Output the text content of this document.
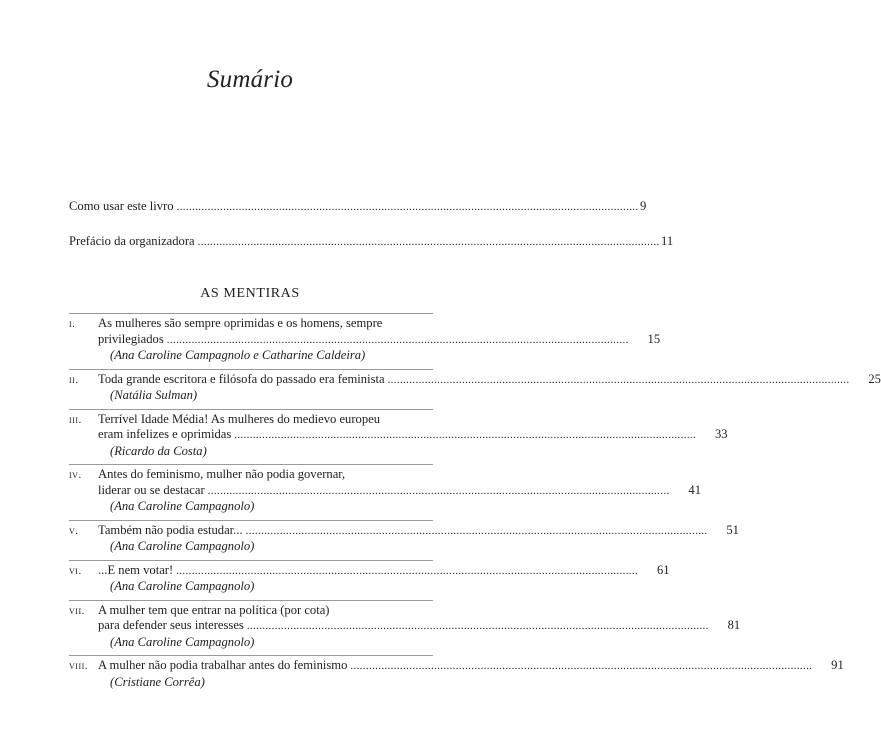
Sumário
Como usar este livro . . .	9
Prefácio da organizadora . . .	11
AS MENTIRAS
i.	As mulheres são sempre oprimidas e os homens, sempre
privilegiados . . .	15
(Ana Caroline Campagnolo e Catharine Caldeira)
ii.	Toda grande escritora e filósofa do passado era feminista . . .	25
(Natália Sulman)
iii.	Terrível Idade Média! As mulheres do medievo europeu
eram infelizes e oprimidas . . .	33
(Ricardo da Costa)
iv.	Antes do feminismo, mulher não podia governar,
liderar ou se destacar . . .	41
(Ana Caroline Campagnolo)
v.	Também não podia estudar... . . .	51
(Ana Caroline Campagnolo)
vi.	...E nem votar! . . .	61
(Ana Caroline Campagnolo)
vii.	A mulher tem que entrar na política (por cota)
para defender seus interesses . . .	81
(Ana Caroline Campagnolo)
viii. A mulher não podia trabalhar antes do feminismo . . .	91
(Cristiane Corrêa)
